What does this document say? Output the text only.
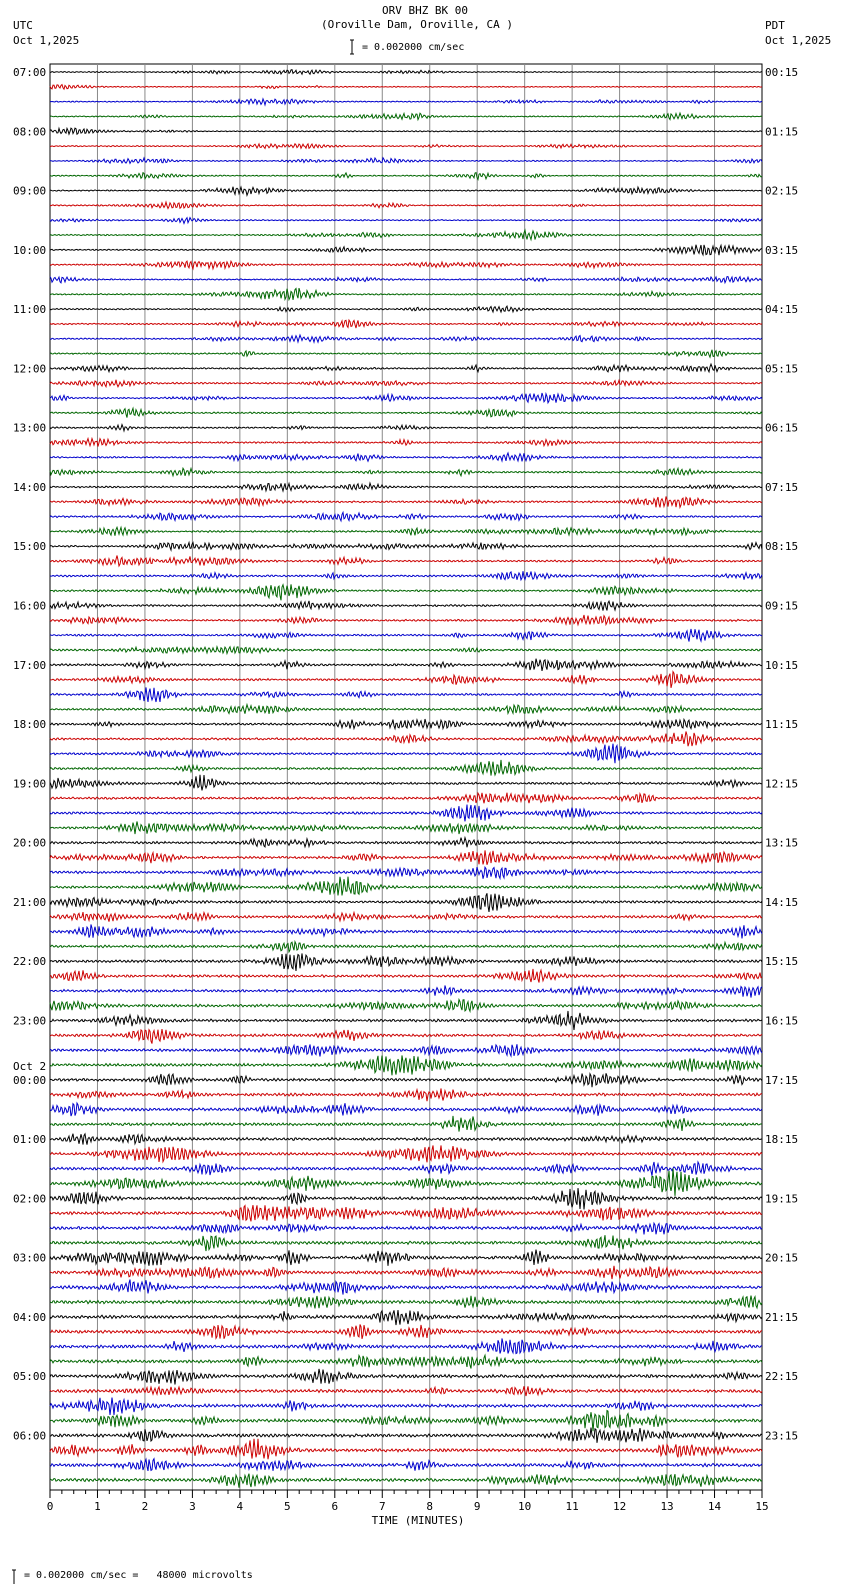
07:00	00:15
08:00	01:15
09:00	02:15
10:00	03:15
11:00	04:15
12:00	05:15
13:00	06:15
14:00	07:15
15:00	08:15
16:00	09:15
17:00	10:15
18:00	11:15
19:00	12:15
20:00	13:15
21:00	14:15
22:00	15:15
23:00	16:15
00:00	17:15
Oct 2
01:00	18:15
02:00	19:15
03:00	20:15
04:00	21:15
05:00	22:15
06:00	23:15
0	1	2	3	4	5	6	7	8	9	10	11	12	13	14	15
TIME (MINUTES)
ORV BHZ BK 00
(Oroville Dam, Oroville, CA )
UTC
Oct 1,2025
PDT
Oct 1,2025
= 0.002000 cm/sec
= 0.002000 cm/sec =   48000 microvolts
